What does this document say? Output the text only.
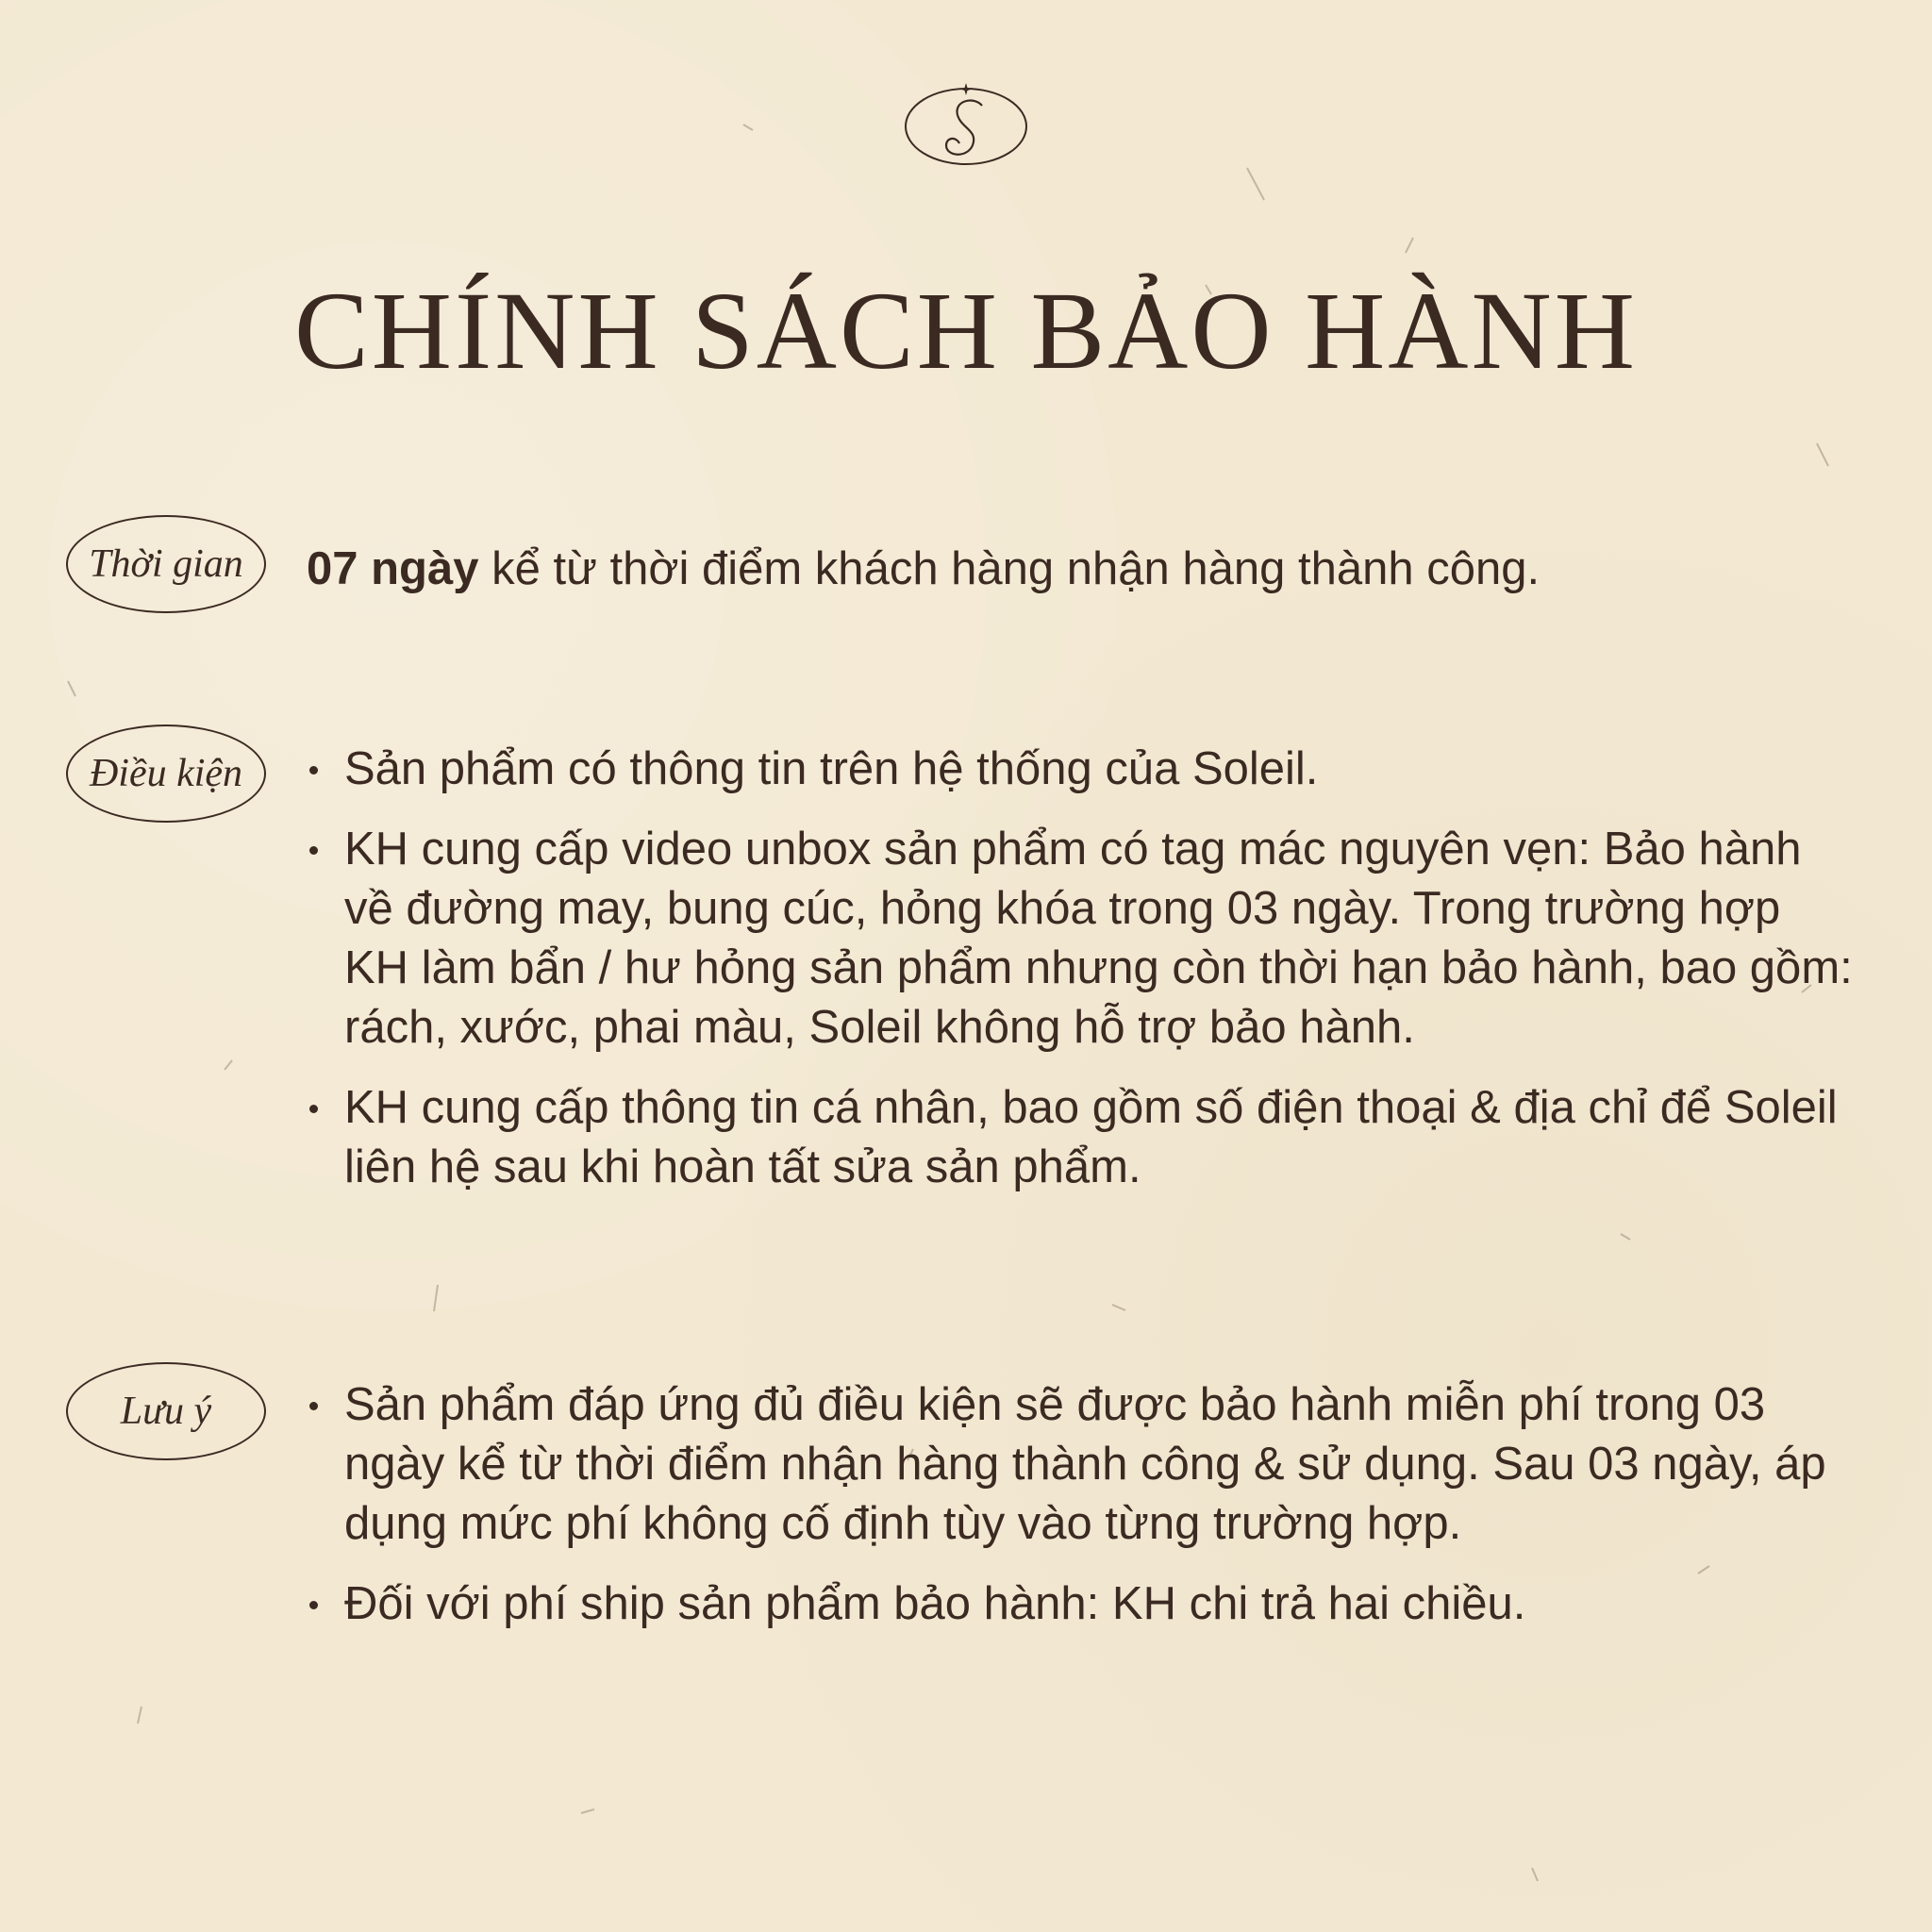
CHÍNH SÁCH BẢO HÀNH
Thời gian	07 ngày kể từ thời điểm khách hàng nhận hàng thành công.
Điều kiện	Sản phẩm có thông tin trên hệ thống của Soleil.
KH cung cấp video unbox sản phẩm có tag mác nguyên vẹn: Bảo hành về đường may, bung cúc, hỏng khóa trong 03 ngày. Trong trường hợp KH làm bẩn / hư hỏng sản phẩm nhưng còn thời hạn bảo hành, bao gồm: rách, xước, phai màu, Soleil không hỗ trợ bảo hành.
KH cung cấp thông tin cá nhân, bao gồm số điện thoại & địa chỉ để Soleil liên hệ sau khi hoàn tất sửa sản phẩm.
Lưu ý	Sản phẩm đáp ứng đủ điều kiện sẽ được bảo hành miễn phí trong 03 ngày kể từ thời điểm nhận hàng thành công & sử dụng. Sau 03 ngày, áp dụng mức phí không cố định tùy vào từng trường hợp.
Đối với phí ship sản phẩm bảo hành: KH chi trả hai chiều.
